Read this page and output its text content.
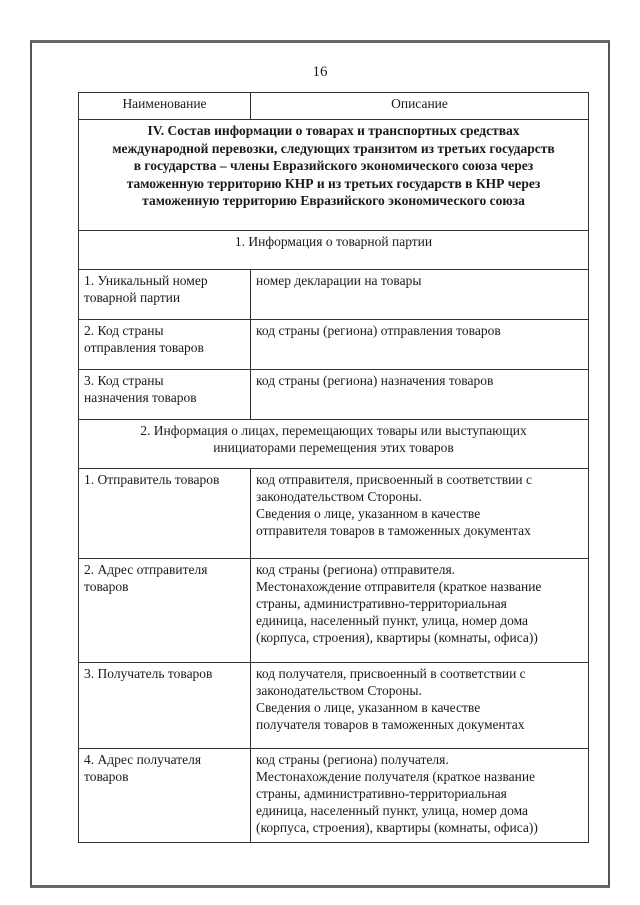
16
Наименование	Описание

IV. Состав информации о товарах и транспортных средствах
международной перевозки, следующих транзитом из третьих государств
в государства – члены Евразийского экономического союза через
таможенную территорию КНР и из третьих государств в КНР через
таможенную территорию Евразийского экономического союза	

1. Информация о товарной партии	

1. Уникальный номер
товарной партии	номер декларации на товары

2. Код страны
отправления товаров	код страны (региона) отправления товаров

3. Код страны
назначения товаров	код страны (региона) назначения товаров

2. Информация о лицах, перемещающих товары или выступающих
инициаторами перемещения этих товаров	

1. Отправитель товаров	код отправителя, присвоенный в соответствии с
законодательством Стороны.
Сведения о лице, указанном в качестве
отправителя товаров в таможенных документах

2. Адрес отправителя
товаров	код страны (региона) отправителя.
Местонахождение отправителя (краткое название
страны, административно-территориальная
единица, населенный пункт, улица, номер дома
(корпуса, строения), квартиры (комнаты, офиса))

3. Получатель товаров	код получателя, присвоенный в соответствии с
законодательством Стороны.
Сведения о лице, указанном в качестве
получателя товаров в таможенных документах

4. Адрес получателя
товаров	код страны (региона) получателя.
Местонахождение получателя (краткое название
страны, административно-территориальная
единица, населенный пункт, улица, номер дома
(корпуса, строения), квартиры (комнаты, офиса))
